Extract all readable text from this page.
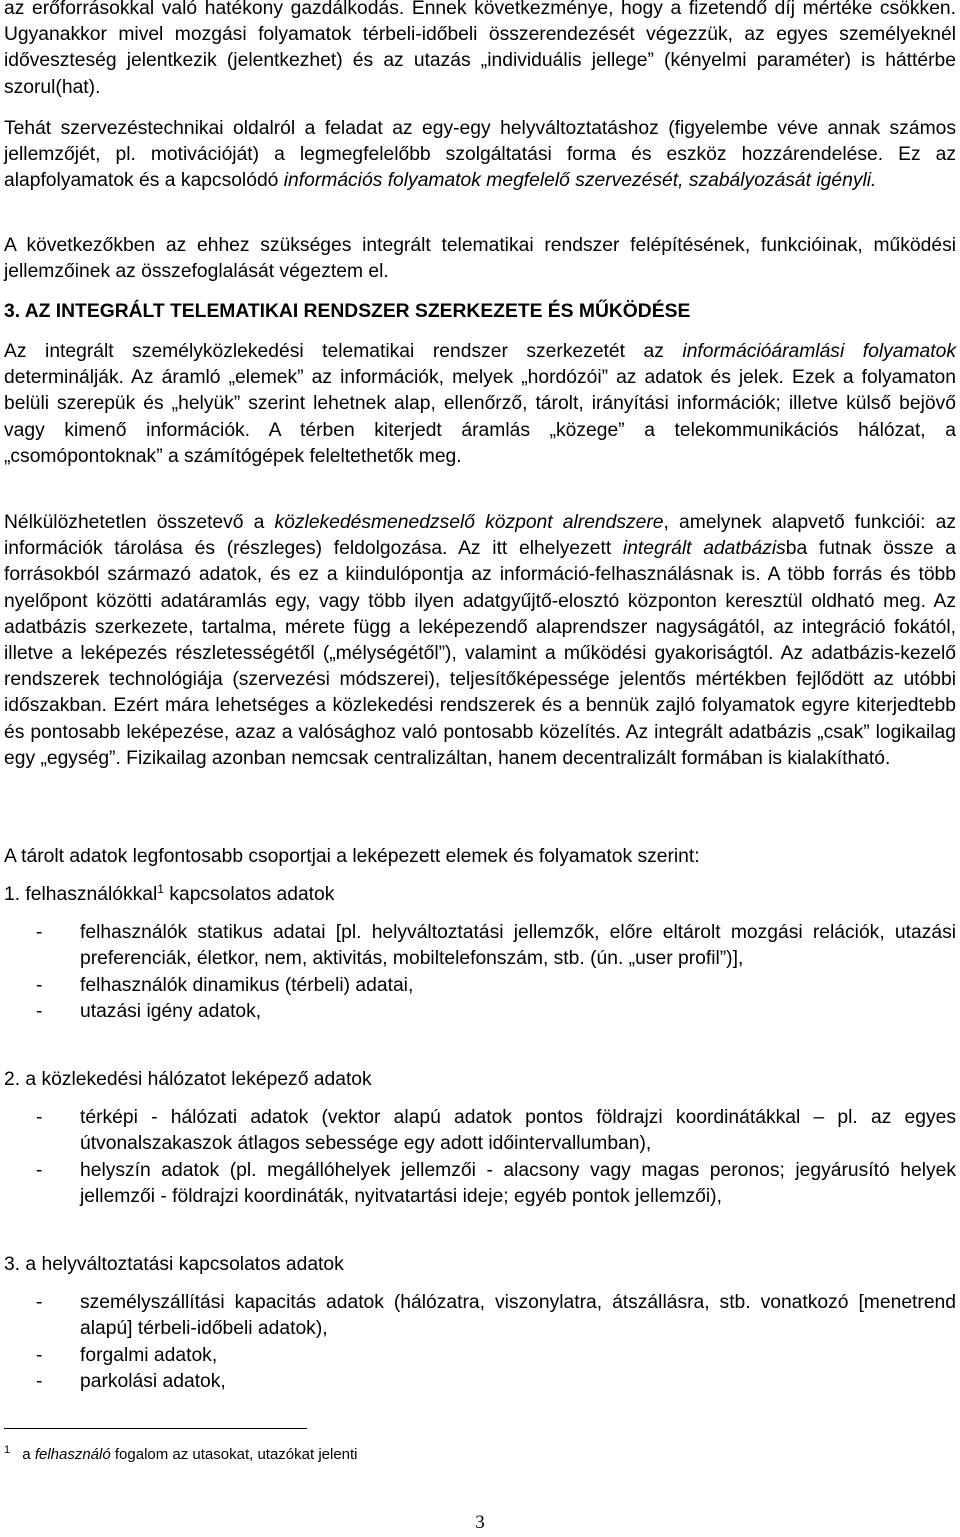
az erőforrásokkal való hatékony gazdálkodás. Ennek következménye, hogy a fizetendő díj mértéke csökken. Ugyanakkor mivel mozgási folyamatok térbeli-időbeli összerendezését végezzük, az egyes személyeknél időveszteség jelentkezik (jelentkezhet) és az utazás „individuális jellege” (kényelmi paraméter) is háttérbe szorul(hat).

Tehát szervezéstechnikai oldalról a feladat az egy-egy helyváltoztatáshoz (figyelembe véve annak számos jellemzőjét, pl. motivációját) a legmegfelelőbb szolgáltatási forma és eszköz hozzárendelése. Ez az alapfolyamatok és a kapcsolódó információs folyamatok megfelelő szervezését, szabályozását igényli.

A következőkben az ehhez szükséges integrált telematikai rendszer felépítésének, funkcióinak, működési jellemzőinek az összefoglalását végeztem el.

3. AZ INTEGRÁLT TELEMATIKAI RENDSZER SZERKEZETE ÉS MŰKÖDÉSE

Az integrált személyközlekedési telematikai rendszer szerkezetét az információáramlási folyamatok determinálják. Az áramló „elemek” az információk, melyek „hordózói” az adatok és jelek. Ezek a folyamaton belüli szerepük és „helyük” szerint lehetnek alap, ellenőrző, tárolt, irányítási információk; illetve külső bejövő vagy kimenő információk. A térben kiterjedt áramlás „közege” a telekommunikációs hálózat, a „csomópontoknak” a számítógépek feleltethetők meg.

Nélkülözhetetlen összetevő a közlekedésmenedzselő központ alrendszere, amelynek alapvető funkciói: az információk tárolása és (részleges) feldolgozása. Az itt elhelyezett integrált adatbázisba futnak össze a forrásokból származó adatok, és ez a kiindulópontja az információ-felhasználásnak is. A több forrás és több nyelőpont közötti adatáramlás egy, vagy több ilyen adatgyűjtő-elosztó központon keresztül oldható meg. Az adatbázis szerkezete, tartalma, mérete függ a leképezendő alaprendszer nagyságától, az integráció fokától, illetve a leképezés részletességétől („mélységétől”), valamint a működési gyakoriságtól. Az adatbázis-kezelő rendszerek technológiája (szervezési módszerei), teljesítőképessége jelentős mértékben fejlődött az utóbbi időszakban. Ezért mára lehetséges a közlekedési rendszerek és a bennük zajló folyamatok egyre kiterjedtebb és pontosabb leképezése, azaz a valósághoz való pontosabb közelítés. Az integrált adatbázis „csak” logikailag egy „egység”. Fizikailag azonban nemcsak centralizáltan, hanem decentralizált formában is kialakítható.

A tárolt adatok legfontosabb csoportjai a leképezett elemek és folyamatok szerint:

1. felhasználókkal$^1$ kapcsolatos adatok
- felhasználók statikus adatai [pl. helyváltoztatási jellemzők, előre eltárolt mozgási relációk, utazási preferenciák, életkor, nem, aktivitás, mobiltelefonszám, stb. (ún. „user profil”)],
- felhasználók dinamikus (térbeli) adatai,
- utazási igény adatok,
2. a közlekedési hálózatot leképező adatok
- térképi - hálózati adatok (vektor alapú adatok pontos földrajzi koordinátákkal – pl. az egyes útvonalszakaszok átlagos sebessége egy adott időintervallumban),
- helyszín adatok (pl. megállóhelyek jellemzői - alacsony vagy magas peronos; jegyárusító helyek jellemzői - földrajzi koordináták, nyitvatartási ideje; egyéb pontok jellemzői),
3. a helyváltoztatási kapcsolatos adatok
- személyszállítási kapacitás adatok (hálózatra, viszonylatra, átszállásra, stb. vonatkozó [menetrend alapú] térbeli-időbeli adatok),
- forgalmi adatok,
- parkolási adatok,
$^1$ a felhasználó fogalom az utasokat, utazókat jelenti
3
